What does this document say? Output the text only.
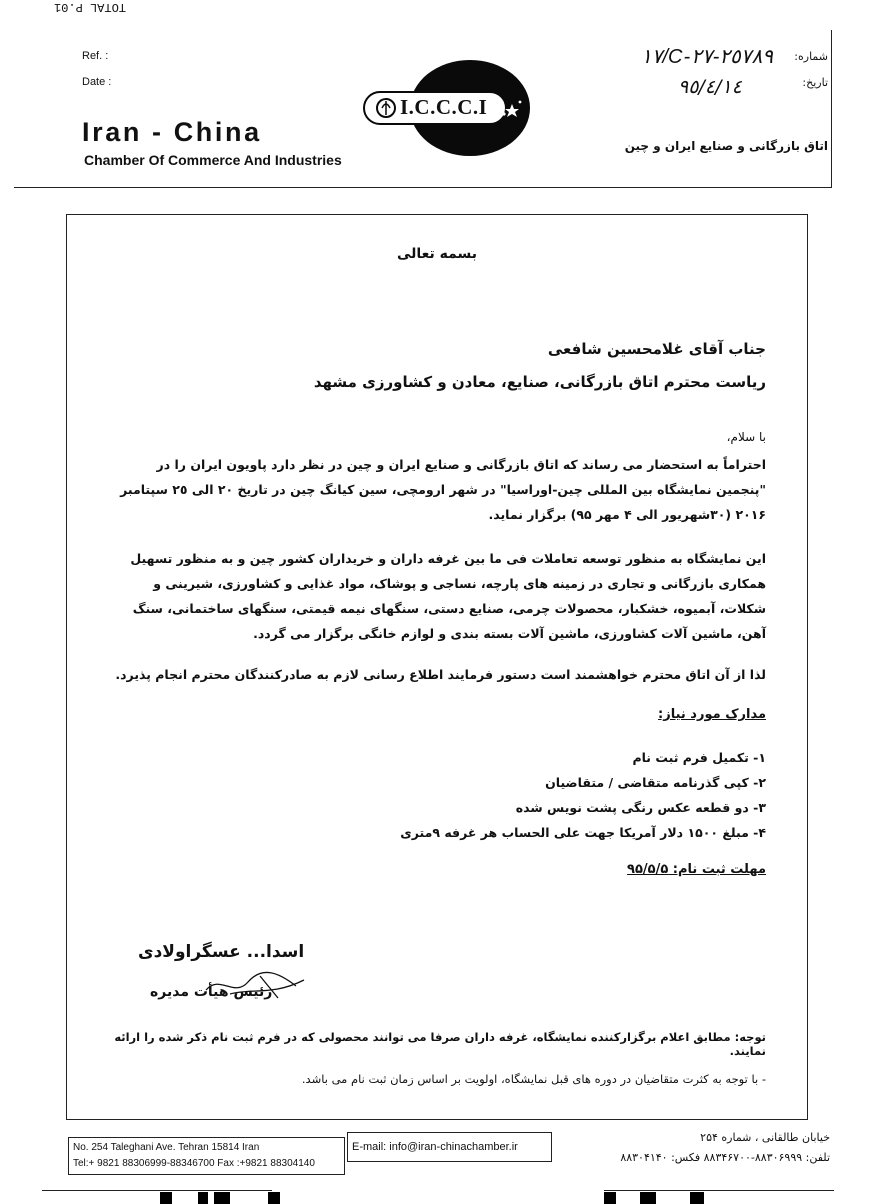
TOTAL P.01
Ref. :
Date :
Iran - China
Chamber Of Commerce And Industries
I.C.C.C.I
شماره:
١٧/C-٢٥٧٨٩-٢٧
تاریخ:
٩٥/٤/١٤
اتاق بازرگانی و صنایع ایران و چین
بسمه تعالی
جناب آقای غلامحسین شافعی
ریاست محترم اتاق بازرگانی، صنایع، معادن و کشاورزی مشهد
با سلام،
احتراماً به استحضار می رساند که اتاق بازرگانی و صنایع ایران و چین در نظر دارد پاویون ایران را در "پنجمین نمایشگاه بین المللی چین-اوراسیا" در شهر ارومچی، سین کیانگ چین در تاریخ ٢٠ الی ٢٥ سپتامبر ٢٠١۶ (٣٠شهریور الی ۴ مهر ٩۵) برگزار نماید.
این نمایشگاه به منظور توسعه تعاملات فی ما بین غرفه داران و خریداران کشور چین و به منظور تسهیل همکاری بازرگانی و تجاری در زمینه های پارچه، نساجی و پوشاک، مواد غذایی و کشاورزی، شیرینی و شکلات، آبمیوه، خشکبار، محصولات چرمی، صنایع دستی، سنگهای نیمه قیمتی، سنگهای ساختمانی، سنگ آهن، ماشین آلات کشاورزی، ماشین آلات بسته بندی و لوازم خانگی برگزار می گردد.
لذا از آن اتاق محترم خواهشمند است دستور فرمایند اطلاع رسانی لازم به صادرکنندگان محترم انجام پذیرد.
مدارک مورد نیاز:
١- تکمیل فرم ثبت نام
٢- کپی گذرنامه متقاضی / متقاضیان
٣- دو قطعه عکس رنگی پشت نویس شده
۴- مبلغ ١۵٠٠ دلار آمریکا جهت علی الحساب هر غرفه ٩متری
مهلت ثبت نام: ٩۵/۵/۵
اسدا... عسگراولادی
رئیس هیأت مدیره
توجه: مطابق اعلام برگزارکننده نمایشگاه، غرفه داران صرفا می توانند محصولی که در فرم ثبت نام ذکر شده را ارائه نمایند.
- با توجه به کثرت متقاضیان در دوره های قبل نمایشگاه، اولویت بر اساس زمان ثبت نام می باشد.
No. 254 Taleghani Ave. Tehran 15814 Iran
Tel:+ 9821 88306999-88346700 Fax :+9821 88304140
E-mail: info@iran-chinachamber.ir
خیابان طالقانی ، شماره ٢۵۴
تلفن: ٨٨٣٠۶٩٩٩-٨٨٣۴۶٧٠٠ فکس: ٨٨٣٠۴١۴٠
